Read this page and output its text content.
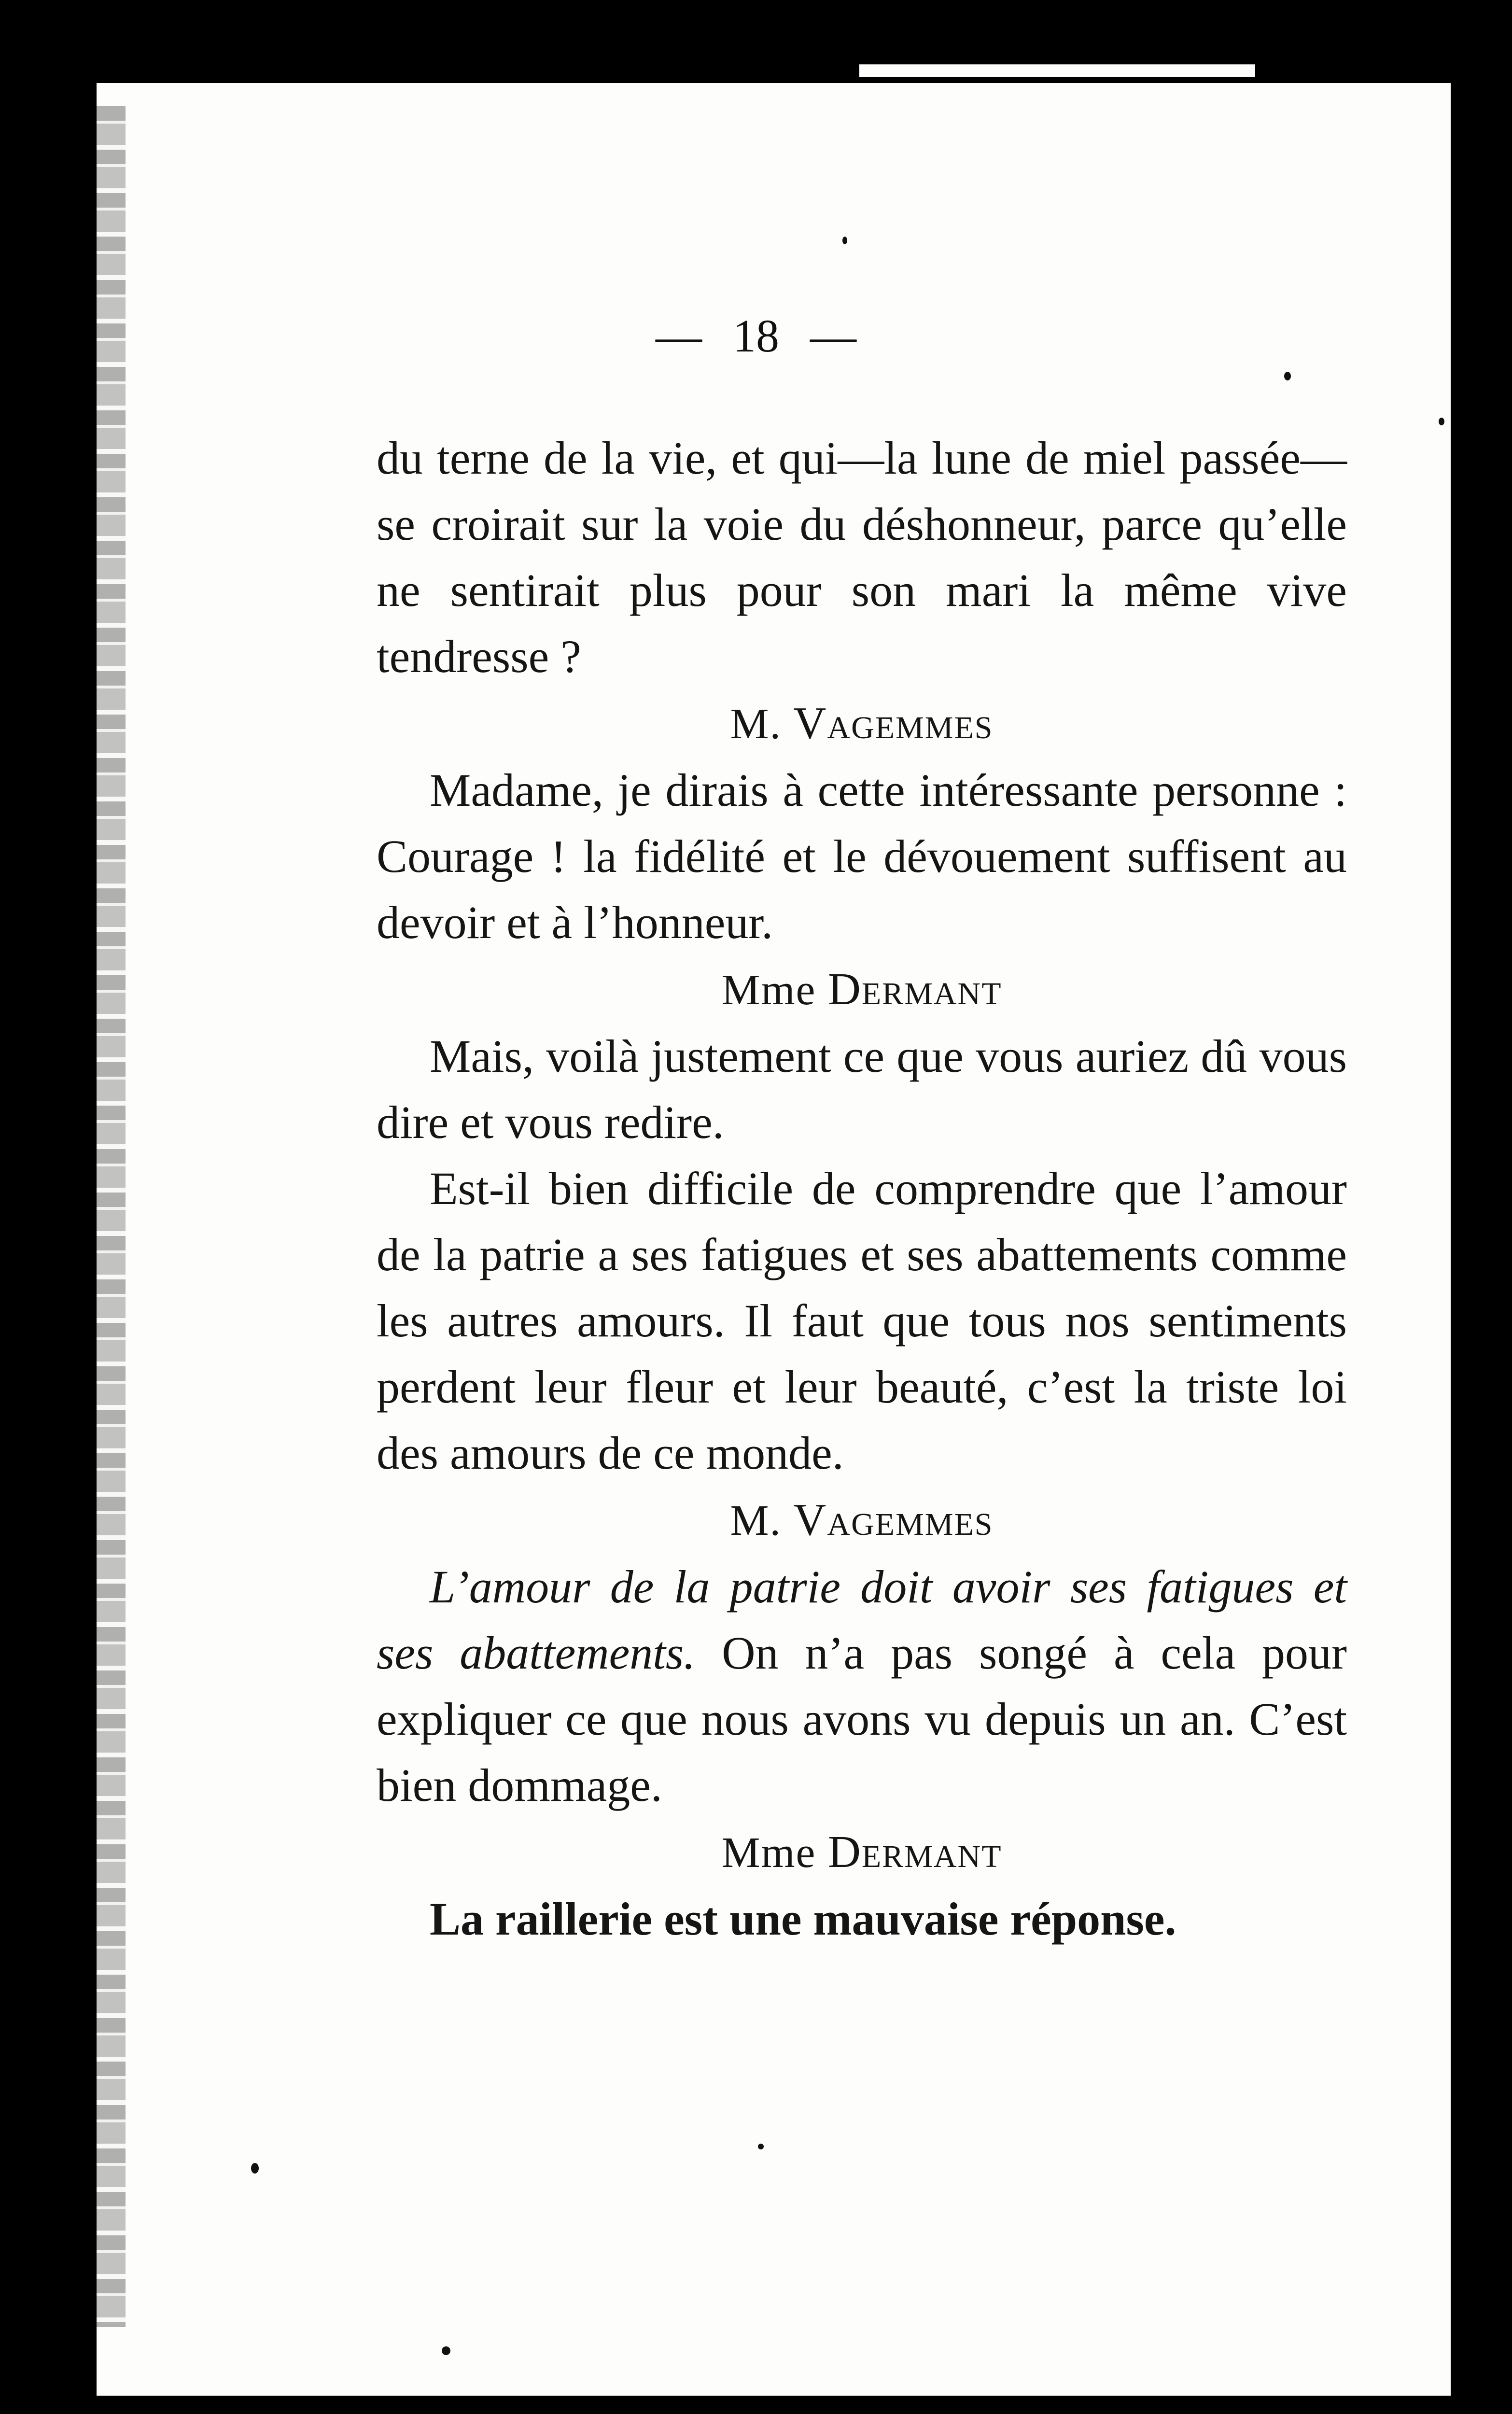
— 18 —

du terne de la vie, et qui—la lune de miel passée—se croirait sur la voie du déshonneur, parce qu’elle ne sentirait plus pour son mari la même vive tendresse ?

M. Vagemmes

Madame, je dirais à cette intéressante personne : Courage ! la fidélité et le dévouement suffisent au devoir et à l’honneur.

Mme Dermant

Mais, voilà justement ce que vous auriez dû vous dire et vous redire.

Est-il bien difficile de comprendre que l’amour de la patrie a ses fatigues et ses abattements comme les autres amours. Il faut que tous nos sentiments perdent leur fleur et leur beauté, c’est la triste loi des amours de ce monde.

M. Vagemmes

L’amour de la patrie doit avoir ses fatigues et ses abattements. On n’a pas songé à cela pour expliquer ce que nous avons vu depuis un an. C’est bien dommage.

Mme Dermant

La raillerie est une mauvaise réponse.
